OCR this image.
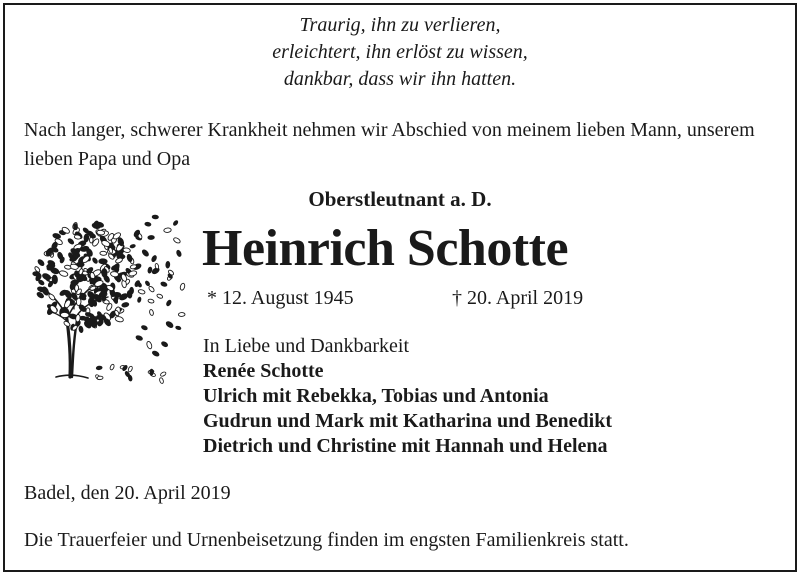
Traurig, ihn zu verlieren,
erleichtert, ihn erlöst zu wissen,
dankbar, dass wir ihn hatten.
Nach langer, schwerer Krankheit nehmen wir Abschied von meinem lieben Mann, unserem lieben Papa und Opa
Oberstleutnant a. D.
Heinrich Schotte
* 12. August 1945	† 20. April 2019
In Liebe und Dankbarkeit
Renée Schotte
Ulrich mit Rebekka, Tobias und Antonia
Gudrun und Mark mit Katharina und Benedikt
Dietrich und Christine mit Hannah und Helena
Badel, den 20. April 2019
Die Trauerfeier und Urnenbeisetzung finden im engsten Familienkreis statt.
